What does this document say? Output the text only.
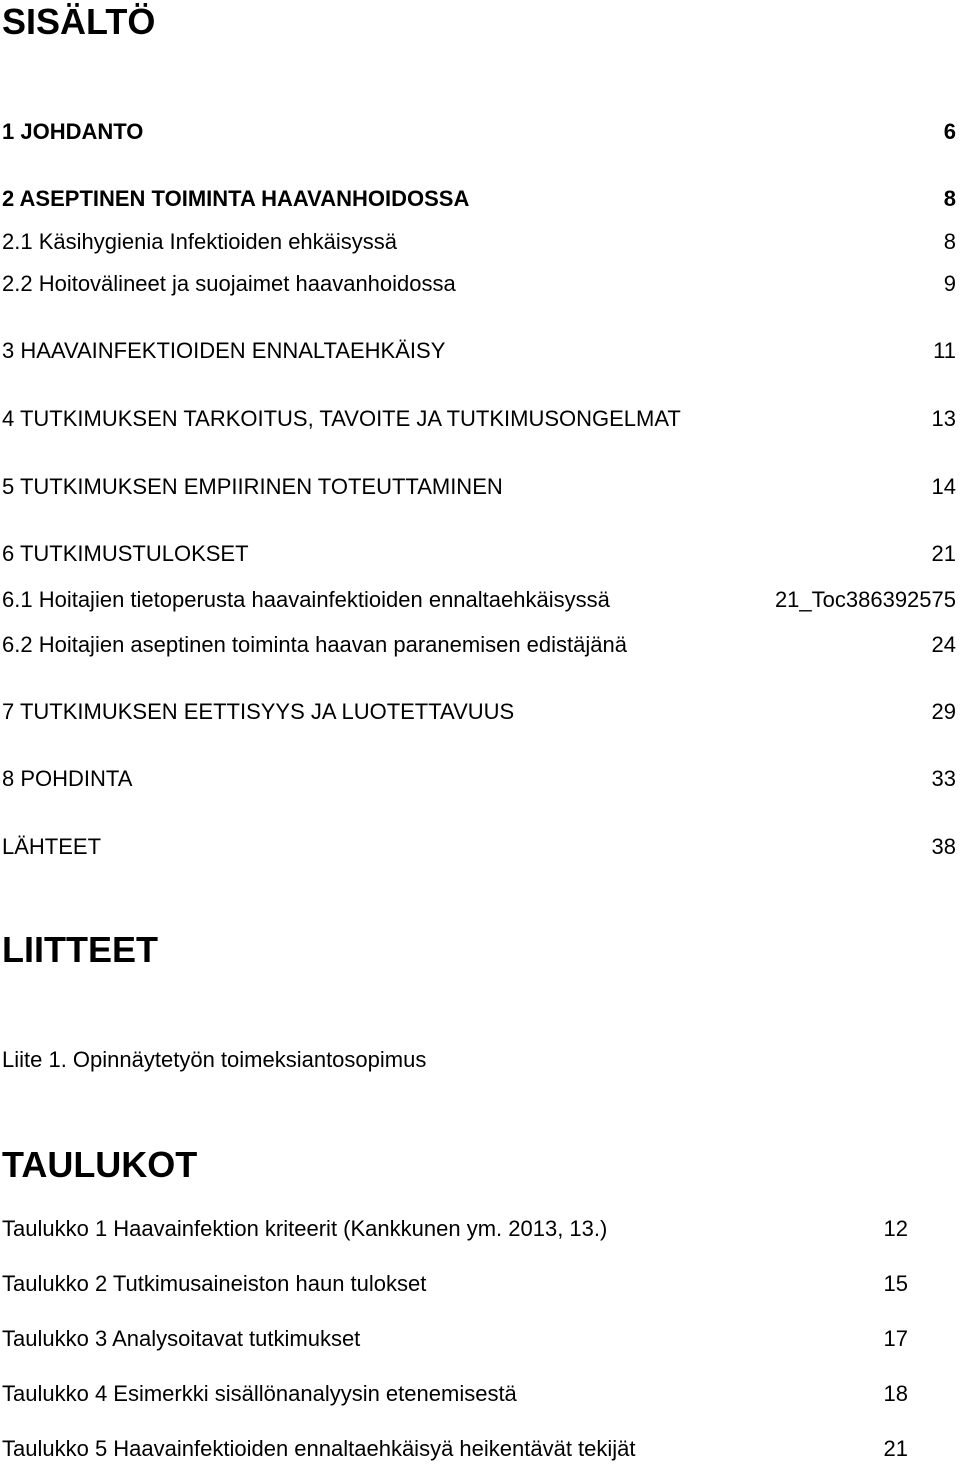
SISÄLTÖ
1 JOHDANTO	6
2 ASEPTINEN TOIMINTA HAAVANHOIDOSSA	8
2.1 Käsihygienia Infektioiden ehkäisyssä	8
2.2 Hoitovälineet ja suojaimet haavanhoidossa	9
3 HAAVAINFEKTIOIDEN ENNALTAEHKÄISY	11
4 TUTKIMUKSEN TARKOITUS, TAVOITE JA TUTKIMUSONGELMAT	13
5 TUTKIMUKSEN EMPIIRINEN TOTEUTTAMINEN	14
6 TUTKIMUSTULOKSET	21
6.1 Hoitajien tietoperusta haavainfektioiden ennaltaehkäisyssä	21_Toc386392575
6.2 Hoitajien aseptinen toiminta haavan paranemisen edistäjänä	24
7 TUTKIMUKSEN EETTISYYS JA LUOTETTAVUUS	29
8 POHDINTA	33
LÄHTEET	38
LIITTEET
Liite 1. Opinnäytetyön toimeksiantosopimus
TAULUKOT
Taulukko 1 Haavainfektion kriteerit (Kankkunen ym. 2013, 13.)	12
Taulukko 2 Tutkimusaineiston haun tulokset	15
Taulukko 3 Analysoitavat tutkimukset	17
Taulukko 4 Esimerkki sisällönanalyysin etenemisestä	18
Taulukko 5 Haavainfektioiden ennaltaehkäisyä heikentävät tekijät	21
